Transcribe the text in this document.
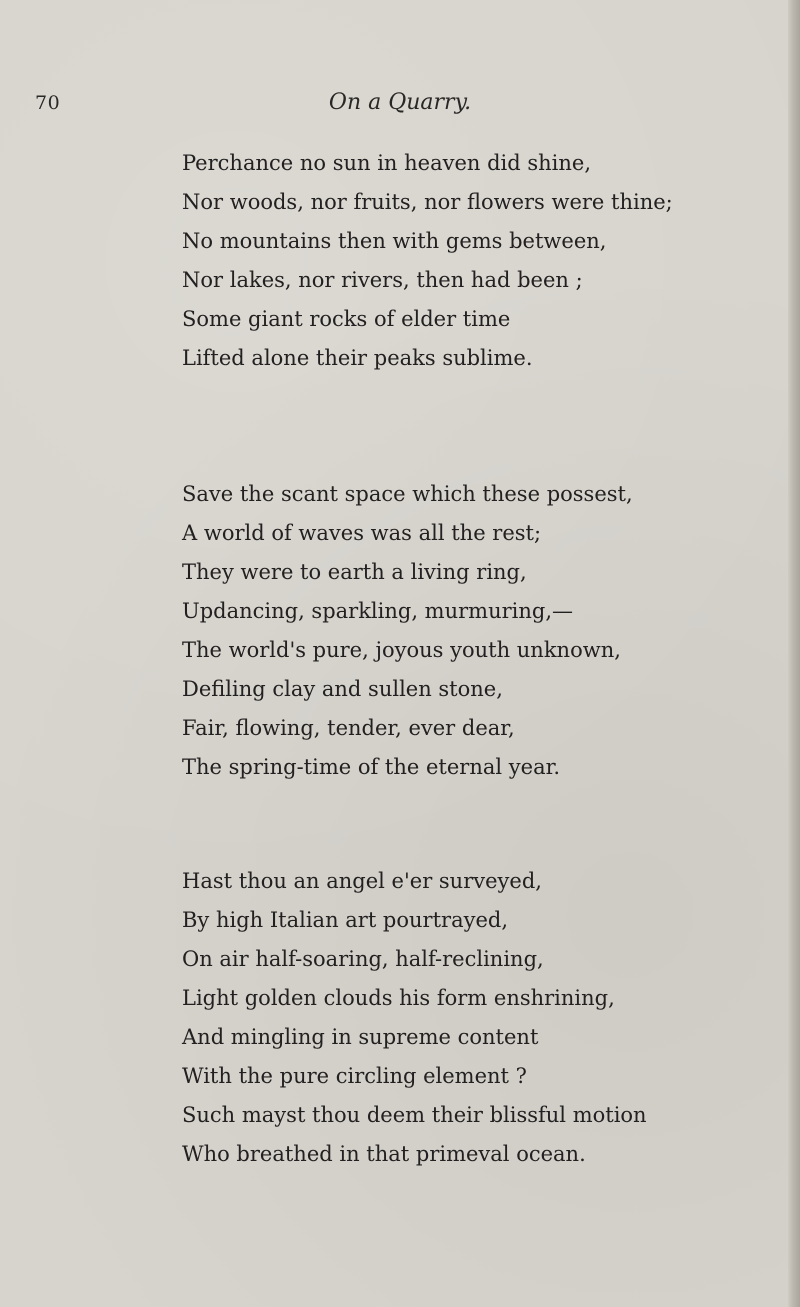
70	On a Quarry.
Perchance no sun in heaven did shine,
Nor woods, nor fruits, nor flowers were thine;
No mountains then with gems between,
Nor lakes, nor rivers, then had been ;
Some giant rocks of elder time
Lifted alone their peaks sublime.
Save the scant space which these possest,
A world of waves was all the rest;
They were to earth a living ring,
Updancing, sparkling, murmuring,—
The world's pure, joyous youth unknown,
Defiling clay and sullen stone,
Fair, flowing, tender, ever dear,
The spring-time of the eternal year.
Hast thou an angel e'er surveyed,
By high Italian art pourtrayed,
On air half-soaring, half-reclining,
Light golden clouds his form enshrining,
And mingling in supreme content
With the pure circling element ?
Such mayst thou deem their blissful motion
Who breathed in that primeval ocean.
